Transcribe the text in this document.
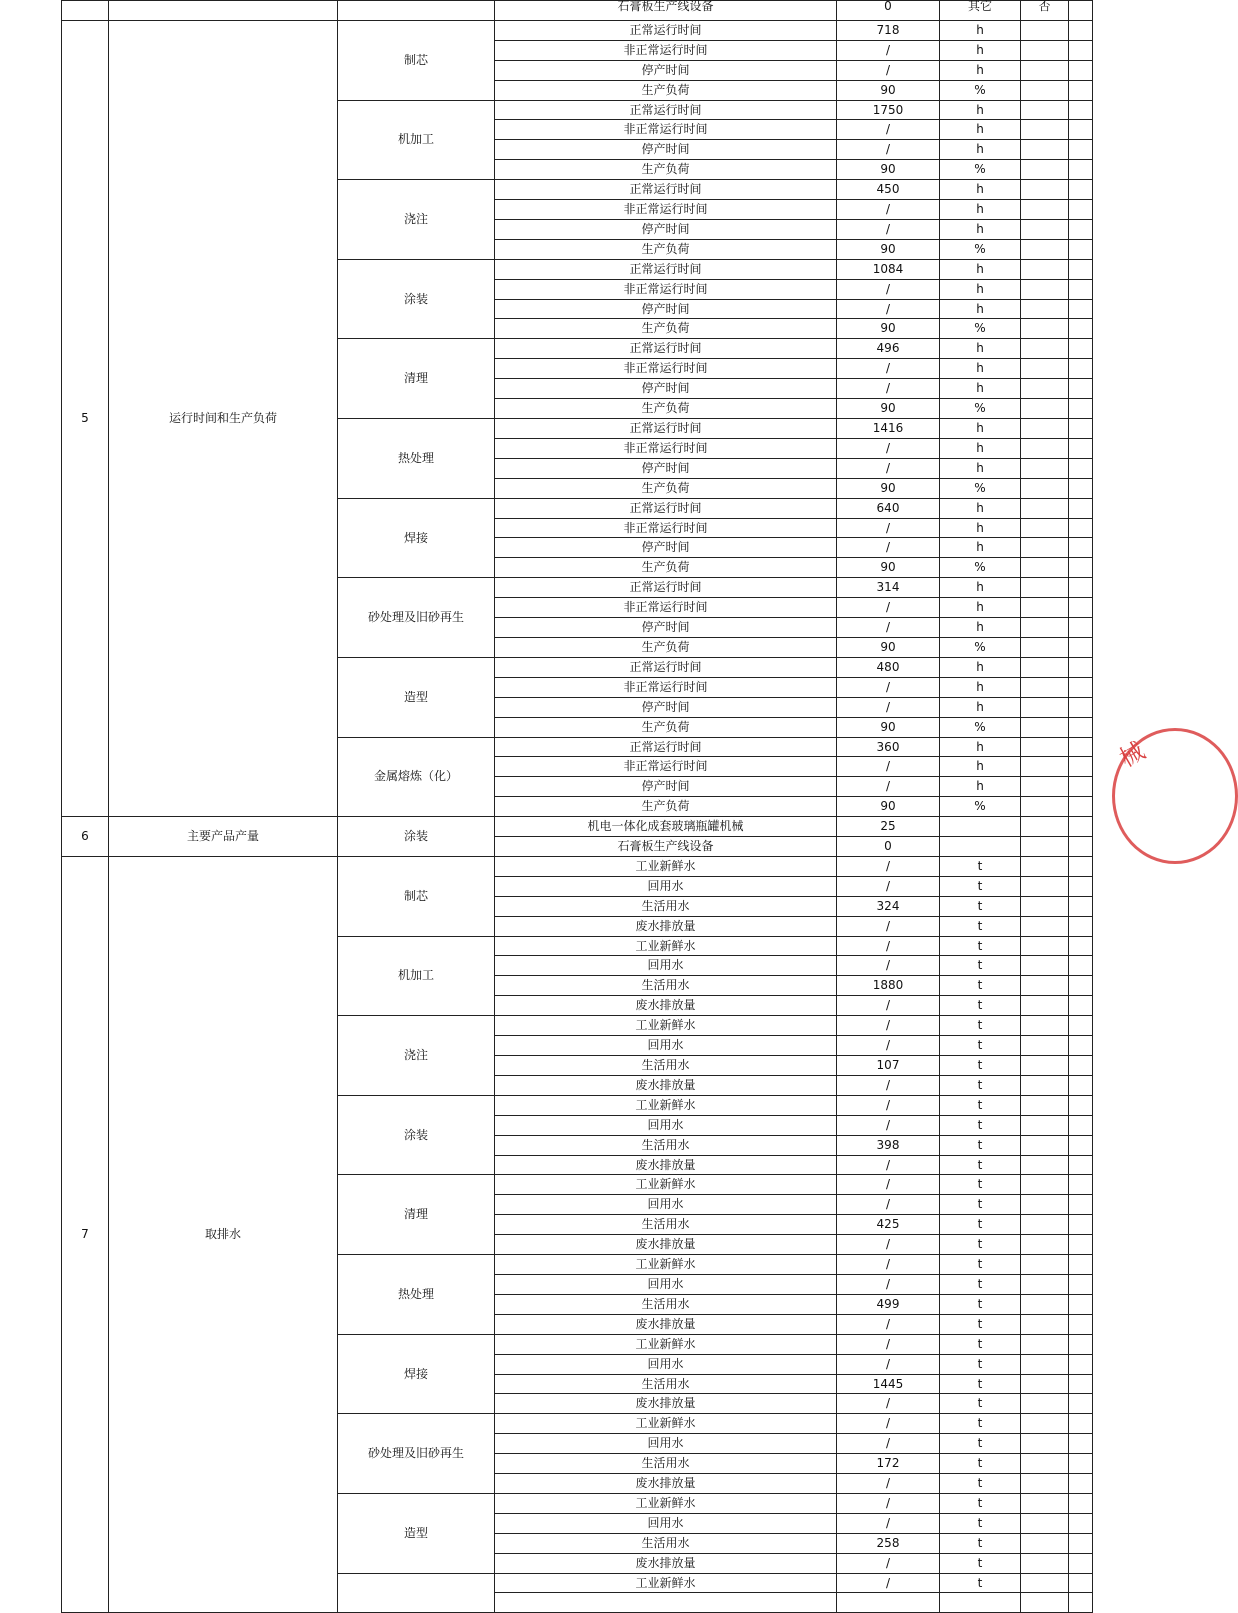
			石膏板生产线设备	0	其它	否	
5	运行时间和生产负荷	制芯	正常运行时间	718	h		
			非正常运行时间	/	h		
			停产时间	/	h		
			生产负荷	90	%		
		机加工	正常运行时间	1750	h		
			非正常运行时间	/	h		
			停产时间	/	h		
			生产负荷	90	%		
		浇注	正常运行时间	450	h		
			非正常运行时间	/	h		
			停产时间	/	h		
			生产负荷	90	%		
		涂装	正常运行时间	1084	h		
			非正常运行时间	/	h		
			停产时间	/	h		
			生产负荷	90	%		
		清理	正常运行时间	496	h		
			非正常运行时间	/	h		
			停产时间	/	h		
			生产负荷	90	%		
		热处理	正常运行时间	1416	h		
			非正常运行时间	/	h		
			停产时间	/	h		
			生产负荷	90	%		
		焊接	正常运行时间	640	h		
			非正常运行时间	/	h		
			停产时间	/	h		
			生产负荷	90	%		
		砂处理及旧砂再生	正常运行时间	314	h		
			非正常运行时间	/	h		
			停产时间	/	h		
			生产负荷	90	%		
		造型	正常运行时间	480	h		
			非正常运行时间	/	h		
			停产时间	/	h		
			生产负荷	90	%		
		金属熔炼（化）	正常运行时间	360	h		
			非正常运行时间	/	h		
			停产时间	/	h		
			生产负荷	90	%		
6	主要产品产量	涂装	机电一体化成套玻璃瓶罐机械	25			
			石膏板生产线设备	0			
7	取排水	制芯	工业新鲜水	/	t		
			回用水	/	t		
			生活用水	324	t		
			废水排放量	/	t		
		机加工	工业新鲜水	/	t		
			回用水	/	t		
			生活用水	1880	t		
			废水排放量	/	t		
		浇注	工业新鲜水	/	t		
			回用水	/	t		
			生活用水	107	t		
			废水排放量	/	t		
		涂装	工业新鲜水	/	t		
			回用水	/	t		
			生活用水	398	t		
			废水排放量	/	t		
		清理	工业新鲜水	/	t		
			回用水	/	t		
			生活用水	425	t		
			废水排放量	/	t		
		热处理	工业新鲜水	/	t		
			回用水	/	t		
			生活用水	499	t		
			废水排放量	/	t		
		焊接	工业新鲜水	/	t		
			回用水	/	t		
			生活用水	1445	t		
			废水排放量	/	t		
		砂处理及旧砂再生	工业新鲜水	/	t		
			回用水	/	t		
			生活用水	172	t		
			废水排放量	/	t		
		造型	工业新鲜水	/	t		
			回用水	/	t		
			生活用水	258	t		
			废水排放量	/	t		
			工业新鲜水	/	t		

械
